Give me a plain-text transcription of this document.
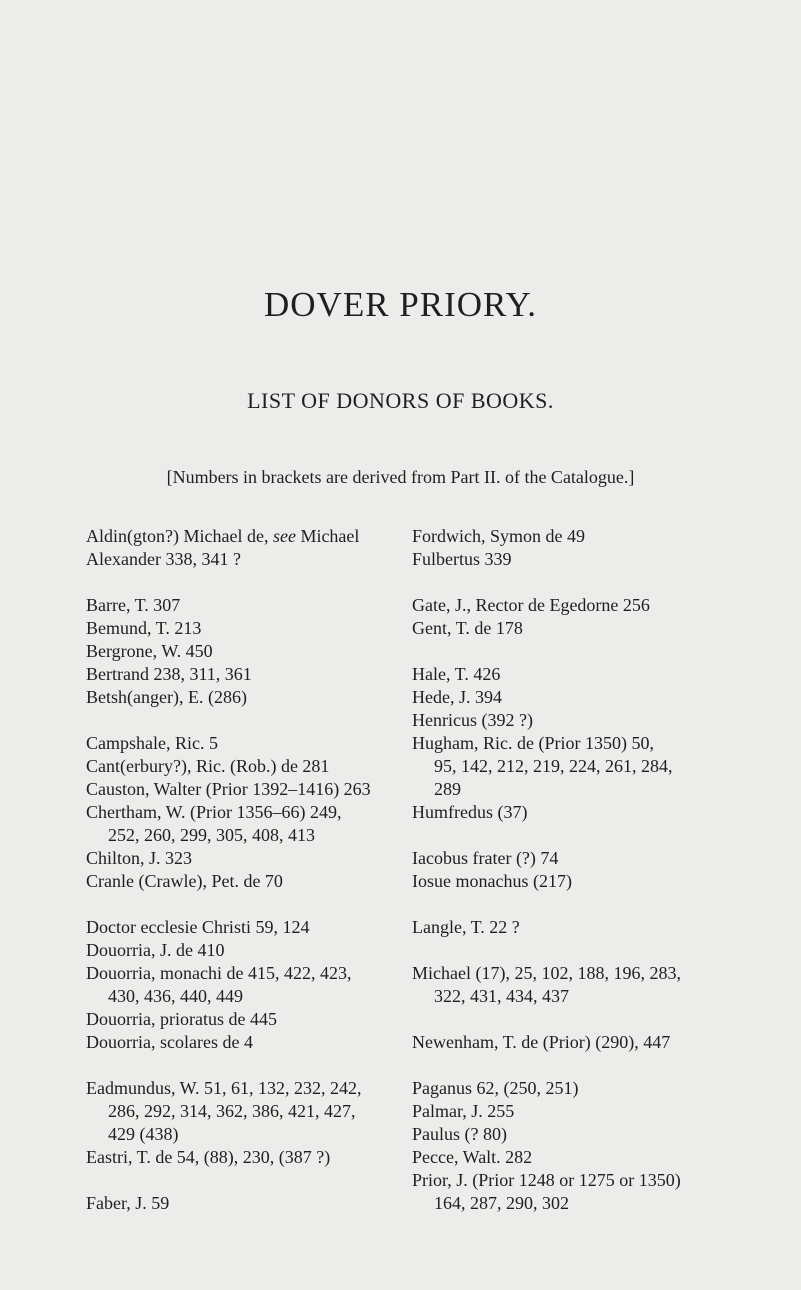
DOVER PRIORY.
LIST OF DONORS OF BOOKS.
[Numbers in brackets are derived from Part II. of the Catalogue.]

Aldin(gton?) Michael de, see Michael

Alexander 338, 341 ?

Barre, T. 307

Bemund, T. 213

Bergrone, W. 450

Bertrand 238, 311, 361

Betsh(anger), E. (286)

Campshale, Ric. 5

Cant(erbury?), Ric. (Rob.) de 281

Causton, Walter (Prior 1392–1416) 263

Chertham, W. (Prior 1356–66) 249,
252, 260, 299, 305, 408, 413

Chilton, J. 323

Cranle (Crawle), Pet. de 70

Doctor ecclesie Christi 59, 124

Douorria, J. de 410

Douorria, monachi de 415, 422, 423,
430, 436, 440, 449

Douorria, prioratus de 445

Douorria, scolares de 4

Eadmundus, W. 51, 61, 132, 232, 242,
286, 292, 314, 362, 386, 421, 427,
429 (438)

Eastri, T. de 54, (88), 230, (387 ?)

Faber, J. 59

Fordwich, Symon de 49

Fulbertus 339

Gate, J., Rector de Egedorne 256

Gent, T. de 178

Hale, T. 426

Hede, J. 394

Henricus (392 ?)

Hugham, Ric. de (Prior 1350) 50,
95, 142, 212, 219, 224, 261, 284,
289

Humfredus (37)

Iacobus frater (?) 74

Iosue monachus (217)

Langle, T. 22 ?

Michael (17), 25, 102, 188, 196, 283,
322, 431, 434, 437

Newenham, T. de (Prior) (290), 447

Paganus 62, (250, 251)

Palmar, J. 255

Paulus (? 80)

Pecce, Walt. 282

Prior, J. (Prior 1248 or 1275 or 1350)
164, 287, 290, 302
